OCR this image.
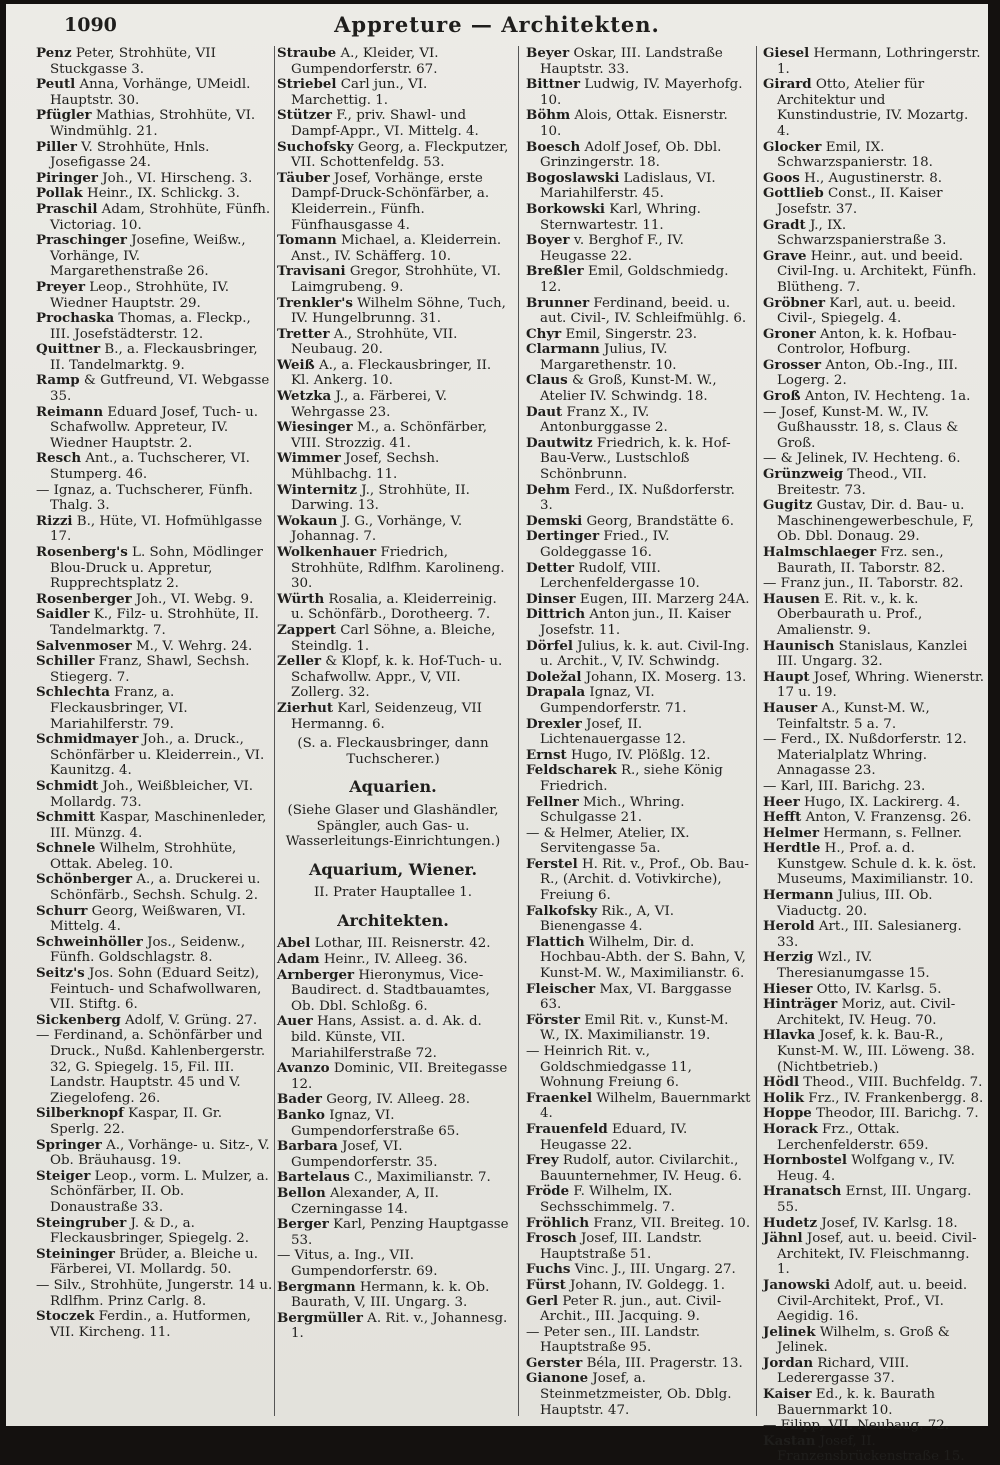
1090	Appreture — Architekten.

Penz Peter, Strohhüte, VII Stuckgasse 3.

Peutl Anna, Vorhänge, UMeidl. Hauptstr. 30.

Pfügler Mathias, Strohhüte, VI. Windmühlg. 21.

Piller V. Strohhüte, Hnls. Josefigasse 24.

Piringer Joh., VI. Hirscheng. 3.

Pollak Heinr., IX. Schlickg. 3.

Praschil Adam, Strohhüte, Fünfh. Victoriag. 10.

Praschinger Josefine, Weißw., Vorhänge, IV. Margarethenstraße 26.

Preyer Leop., Strohhüte, IV. Wiedner Hauptstr. 29.

Prochaska Thomas, a. Fleckp., III. Josefstädterstr. 12.

Quittner B., a. Fleckausbringer, II. Tandelmarktg. 9.

Ramp & Gutfreund, VI. Webgasse 35.

Reimann Eduard Josef, Tuch- u. Schafwollw. Appreteur, IV. Wiedner Hauptstr. 2.

Resch Ant., a. Tuchscherer, VI. Stumperg. 46.

— Ignaz, a. Tuchscherer, Fünfh. Thalg. 3.

Rizzi B., Hüte, VI. Hofmühlgasse 17.

Rosenberg's L. Sohn, Mödlinger Blou-Druck u. Appretur, Rupprechtsplatz 2.

Rosenberger Joh., VI. Webg. 9.

Saidler K., Filz- u. Strohhüte, II. Tandelmarktg. 7.

Salvenmoser M., V. Wehrg. 24.

Schiller Franz, Shawl, Sechsh. Stiegerg. 7.

Schlechta Franz, a. Fleckausbringer, VI. Mariahilferstr. 79.

Schmidmayer Joh., a. Druck., Schönfärber u. Kleiderrein., VI. Kaunitzg. 4.

Schmidt Joh., Weißbleicher, VI. Mollardg. 73.

Schmitt Kaspar, Maschinenleder, III. Münzg. 4.

Schnele Wilhelm, Strohhüte, Ottak. Abeleg. 10.

Schönberger A., a. Druckerei u. Schönfärb., Sechsh. Schulg. 2.

Schurr Georg, Weißwaren, VI. Mittelg. 4.

Schweinhöller Jos., Seidenw., Fünfh. Goldschlagstr. 8.

Seitz's Jos. Sohn (Eduard Seitz), Feintuch- und Schafwollwaren, VII. Stiftg. 6.

Sickenberg Adolf, V. Grüng. 27.

— Ferdinand, a. Schönfärber und Druck., Nußd. Kahlenbergerstr. 32, G. Spiegelg. 15, Fil. III. Landstr. Hauptstr. 45 und V. Ziegelofeng. 26.

Silberknopf Kaspar, II. Gr. Sperlg. 22.

Springer A., Vorhänge- u. Sitz-, V. Ob. Bräuhausg. 19.

Steiger Leop., vorm. L. Mulzer, a. Schönfärber, II. Ob. Donaustraße 33.

Steingruber J. & D., a. Fleckausbringer, Spiegelg. 2.

Steininger Brüder, a. Bleiche u. Färberei, VI. Mollardg. 50.

— Silv., Strohhüte, Jungerstr. 14 u. Rdlfhm. Prinz Carlg. 8.

Stoczek Ferdin., a. Hutformen, VII. Kircheng. 11.

Straube A., Kleider, VI. Gumpendorferstr. 67.

Striebel Carl jun., VI. Marchettig. 1.

Stützer F., priv. Shawl- und Dampf-Appr., VI. Mittelg. 4.

Suchofsky Georg, a. Fleckputzer, VII. Schottenfeldg. 53.

Täuber Josef, Vorhänge, erste Dampf-Druck-Schönfärber, a. Kleiderrein., Fünfh. Fünfhausgasse 4.

Tomann Michael, a. Kleiderrein. Anst., IV. Schäfferg. 10.

Travisani Gregor, Strohhüte, VI. Laimgrubeng. 9.

Trenkler's Wilhelm Söhne, Tuch, IV. Hungelbrunng. 31.

Tretter A., Strohhüte, VII. Neubaug. 20.

Weiß A., a. Fleckausbringer, II. Kl. Ankerg. 10.

Wetzka J., a. Färberei, V. Wehrgasse 23.

Wiesinger M., a. Schönfärber, VIII. Strozzig. 41.

Wimmer Josef, Sechsh. Mühlbachg. 11.

Winternitz J., Strohhüte, II. Darwing. 13.

Wokaun J. G., Vorhänge, V. Johannag. 7.

Wolkenhauer Friedrich, Strohhüte, Rdlfhm. Karolineng. 30.

Würth Rosalia, a. Kleiderreinig. u. Schönfärb., Dorotheerg. 7.

Zappert Carl Söhne, a. Bleiche, Steindlg. 1.

Zeller & Klopf, k. k. Hof-Tuch- u. Schafwollw. Appr., V, VII. Zollerg. 32.

Zierhut Karl, Seidenzeug, VII Hermanng. 6.

(S. a. Fleckausbringer, dann Tuchscherer.)
Aquarien.
(Siehe Glaser und Glashändler, Spängler, auch Gas- u. Wasserleitungs-Einrichtungen.)
Aquarium, Wiener.
II. Prater Hauptallee 1.
Architekten.

Abel Lothar, III. Reisnerstr. 42.

Adam Heinr., IV. Alleeg. 36.

Arnberger Hieronymus, Vice-Baudirect. d. Stadtbauamtes, Ob. Dbl. Schloßg. 6.

Auer Hans, Assist. a. d. Ak. d. bild. Künste, VII. Mariahilferstraße 72.

Avanzo Dominic, VII. Breitegasse 12.

Bader Georg, IV. Alleeg. 28.

Banko Ignaz, VI. Gumpendorferstraße 65.

Barbara Josef, VI. Gumpendorferstr. 35.

Bartelaus C., Maximilianstr. 7.

Bellon Alexander, A, II. Czerningasse 14.

Berger Karl, Penzing Hauptgasse 53.

— Vitus, a. Ing., VII. Gumpendorferstr. 69.

Bergmann Hermann, k. k. Ob. Baurath, V, III. Ungarg. 3.

Bergmüller A. Rit. v., Johannesg. 1.

Beyer Oskar, III. Landstraße Hauptstr. 33.

Bittner Ludwig, IV. Mayerhofg. 10.

Böhm Alois, Ottak. Eisnerstr. 10.

Boesch Adolf Josef, Ob. Dbl. Grinzingerstr. 18.

Bogoslawski Ladislaus, VI. Mariahilferstr. 45.

Borkowski Karl, Whring. Sternwartestr. 11.

Boyer v. Berghof F., IV. Heugasse 22.

Breßler Emil, Goldschmiedg. 12.

Brunner Ferdinand, beeid. u. aut. Civil-, IV. Schleifmühlg. 6.

Chyr Emil, Singerstr. 23.

Clarmann Julius, IV. Margarethenstr. 10.

Claus & Groß, Kunst-M. W., Atelier IV. Schwindg. 18.

Daut Franz X., IV. Antonburggasse 2.

Dautwitz Friedrich, k. k. Hof-Bau-Verw., Lustschloß Schönbrunn.

Dehm Ferd., IX. Nußdorferstr. 3.

Demski Georg, Brandstätte 6.

Dertinger Fried., IV. Goldeggasse 16.

Detter Rudolf, VIII. Lerchenfeldergasse 10.

Dinser Eugen, III. Marzerg 24A.

Dittrich Anton jun., II. Kaiser Josefstr. 11.

Dörfel Julius, k. k. aut. Civil-Ing. u. Archit., V, IV. Schwindg.

Doležal Johann, IX. Moserg. 13.

Drapala Ignaz, VI. Gumpendorferstr. 71.

Drexler Josef, II. Lichtenauergasse 12.

Ernst Hugo, IV. Plößlg. 12.

Feldscharek R., siehe König Friedrich.

Fellner Mich., Whring. Schulgasse 21.

— & Helmer, Atelier, IX. Servitengasse 5a.

Ferstel H. Rit. v., Prof., Ob. Bau-R., (Archit. d. Votivkirche), Freiung 6.

Falkofsky Rik., A, VI. Bienengasse 4.

Flattich Wilhelm, Dir. d. Hochbau-Abth. der S. Bahn, V, Kunst-M. W., Maximilianstr. 6.

Fleischer Max, VI. Barggasse 63.

Förster Emil Rit. v., Kunst-M. W., IX. Maximilianstr. 19.

— Heinrich Rit. v., Goldschmiedgasse 11, Wohnung Freiung 6.

Fraenkel Wilhelm, Bauernmarkt 4.

Frauenfeld Eduard, IV. Heugasse 22.

Frey Rudolf, autor. Civilarchit., Bauunternehmer, IV. Heug. 6.

Fröde F. Wilhelm, IX. Sechsschimmelg. 7.

Fröhlich Franz, VII. Breiteg. 10.

Frosch Josef, III. Landstr. Hauptstraße 51.

Fuchs Vinc. J., III. Ungarg. 27.

Fürst Johann, IV. Goldegg. 1.

Gerl Peter R. jun., aut. Civil-Archit., III. Jacquing. 9.

— Peter sen., III. Landstr. Hauptstraße 95.

Gerster Béla, III. Pragerstr. 13.

Gianone Josef, a. Steinmetzmeister, Ob. Dblg. Hauptstr. 47.

Giesel Hermann, Lothringerstr. 1.

Girard Otto, Atelier für Architektur und Kunstindustrie, IV. Mozartg. 4.

Glocker Emil, IX. Schwarzspanierstr. 18.

Goos H., Augustinerstr. 8.

Gottlieb Const., II. Kaiser Josefstr. 37.

Gradt J., IX. Schwarzspanierstraße 3.

Grave Heinr., aut. und beeid. Civil-Ing. u. Architekt, Fünfh. Blütheng. 7.

Gröbner Karl, aut. u. beeid. Civil-, Spiegelg. 4.

Groner Anton, k. k. Hofbau-Controlor, Hofburg.

Grosser Anton, Ob.-Ing., III. Logerg. 2.

Groß Anton, IV. Hechteng. 1a.

— Josef, Kunst-M. W., IV. Gußhausstr. 18, s. Claus & Groß.

— & Jelinek, IV. Hechteng. 6.

Grünzweig Theod., VII. Breitestr. 73.

Gugitz Gustav, Dir. d. Bau- u. Maschinengewerbeschule, F, Ob. Dbl. Donaug. 29.

Halmschlaeger Frz. sen., Baurath, II. Taborstr. 82.

— Franz jun., II. Taborstr. 82.

Hausen E. Rit. v., k. k. Oberbaurath u. Prof., Amalienstr. 9.

Haunisch Stanislaus, Kanzlei III. Ungarg. 32.

Haupt Josef, Whring. Wienerstr. 17 u. 19.

Hauser A., Kunst-M. W., Teinfaltstr. 5 a. 7.

— Ferd., IX. Nußdorferstr. 12. Materialplatz Whring. Annagasse 23.

— Karl, III. Barichg. 23.

Heer Hugo, IX. Lackirerg. 4.

Hefft Anton, V. Franzensg. 26.

Helmer Hermann, s. Fellner.

Herdtle H., Prof. a. d. Kunstgew. Schule d. k. k. öst. Museums, Maximilianstr. 10.

Hermann Julius, III. Ob. Viaductg. 20.

Herold Art., III. Salesianerg. 33.

Herzig Wzl., IV. Theresianumgasse 15.

Hieser Otto, IV. Karlsg. 5.

Hinträger Moriz, aut. Civil-Architekt, IV. Heug. 70.

Hlavka Josef, k. k. Bau-R., Kunst-M. W., III. Löweng. 38. (Nichtbetrieb.)

Hödl Theod., VIII. Buchfeldg. 7.

Holik Frz., IV. Frankenbergg. 8.

Hoppe Theodor, III. Barichg. 7.

Horack Frz., Ottak. Lerchenfelderstr. 659.

Hornbostel Wolfgang v., IV. Heug. 4.

Hranatsch Ernst, III. Ungarg. 55.

Hudetz Josef, IV. Karlsg. 18.

Jähnl Josef, aut. u. beeid. Civil-Architekt, IV. Fleischmanng. 1.

Janowski Adolf, aut. u. beeid. Civil-Architekt, Prof., VI. Aegidig. 16.

Jelinek Wilhelm, s. Groß & Jelinek.

Jordan Richard, VIII. Lederergasse 37.

Kaiser Ed., k. k. Baurath Bauernmarkt 10.

— Filipp, VII. Neubaug. 72.

Kastan Josef, II. Franzensbrückenstraße 15.
